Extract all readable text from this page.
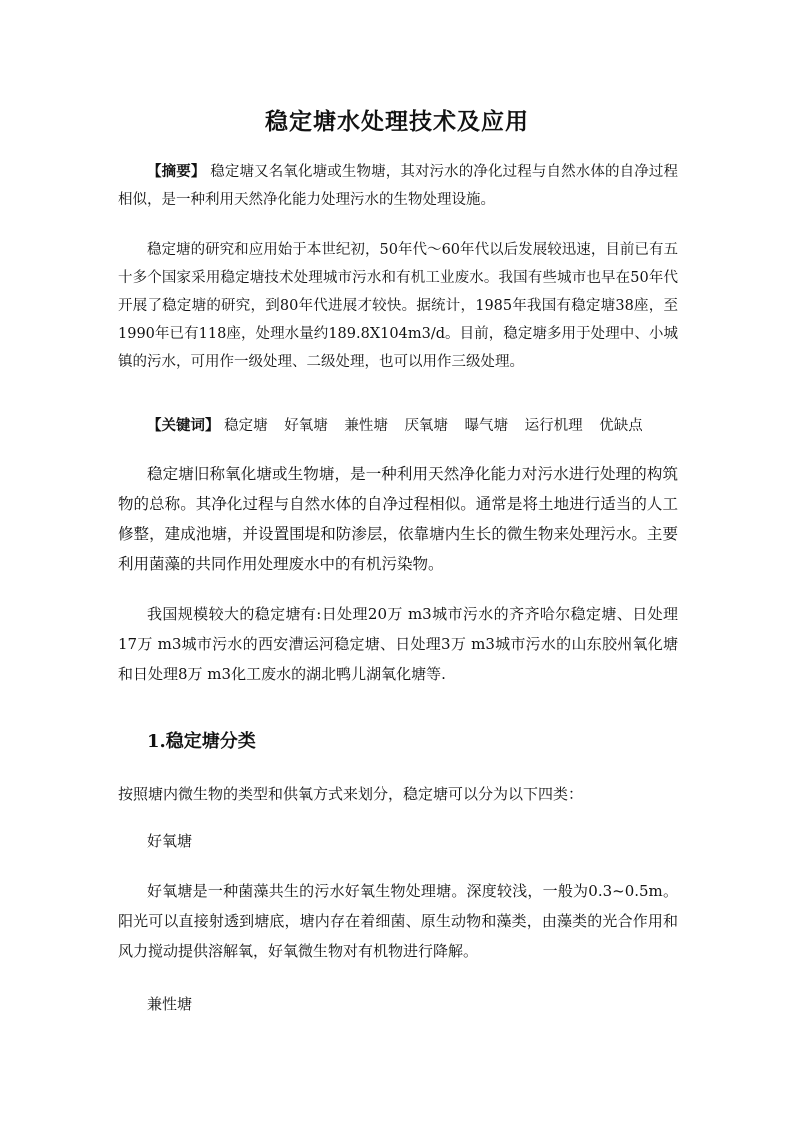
稳定塘水处理技术及应用

【摘要】 稳定塘又名氧化塘或生物塘，其对污水的净化过程与自然水体的自净过程相似，是一种利用天然净化能力处理污水的生物处理设施。

稳定塘的研究和应用始于本世纪初，50年代～60年代以后发展较迅速，目前已有五十多个国家采用稳定塘技术处理城市污水和有机工业废水。我国有些城市也早在50年代开展了稳定塘的研究，到80年代进展才较快。据统计，1985年我国有稳定塘38座，至1990年已有118座，处理水量约189.8X104m3/d。目前，稳定塘多用于处理中、小城镇的污水，可用作一级处理、二级处理，也可以用作三级处理。

【关键词】 稳定塘 好氧塘 兼性塘 厌氧塘 曝气塘 运行机理 优缺点

稳定塘旧称氧化塘或生物塘，是一种利用天然净化能力对污水进行处理的构筑物的总称。其净化过程与自然水体的自净过程相似。通常是将土地进行适当的人工修整，建成池塘，并设置围堤和防渗层，依靠塘内生长的微生物来处理污水。主要利用菌藻的共同作用处理废水中的有机污染物。

我国规模较大的稳定塘有:日处理20万 m3城市污水的齐齐哈尔稳定塘、日处理17万 m3城市污水的西安漕运河稳定塘、日处理3万 m3城市污水的山东胶州氧化塘和日处理8万 m3化工废水的湖北鸭儿湖氧化塘等.

1.稳定塘分类

按照塘内微生物的类型和供氧方式来划分，稳定塘可以分为以下四类：

好氧塘

好氧塘是一种菌藻共生的污水好氧生物处理塘。深度较浅，一般为0.3~0.5m。阳光可以直接射透到塘底，塘内存在着细菌、原生动物和藻类，由藻类的光合作用和风力搅动提供溶解氧，好氧微生物对有机物进行降解。

兼性塘
